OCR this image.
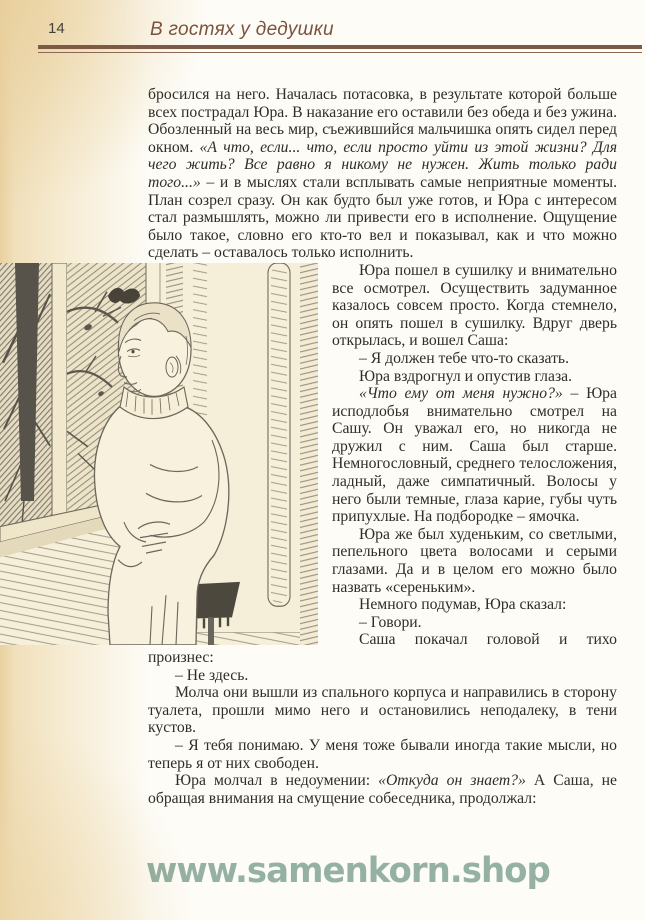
14	В гостях у дедушки

бросился на него. Началась потасовка, в результате которой больше всех пострадал Юра. В наказание его оставили без обеда и без ужина. Обозленный на весь мир, съежившийся мальчишка опять сидел перед окном. «А что, если... что, если просто уйти из этой жизни? Для чего жить? Все равно я никому не нужен. Жить только ради того...» – и в мыслях стали всплывать самые неприятные моменты. План созрел сразу. Он как будто был уже готов, и Юра с интересом стал размышлять, можно ли привести его в исполнение. Ощущение было такое, словно его кто-то вел и показывал, как и что можно сделать – оставалось только исполнить.

Юра пошел в сушилку и внимательно все осмотрел. Осуществить задуманное казалось совсем просто. Когда стемнело, он опять пошел в сушилку. Вдруг дверь открылась, и вошел Саша:

– Я должен тебе что-то сказать.

Юра вздрогнул и опустив глаза.

«Что ему от меня нужно?» – Юра исподлобья внимательно смотрел на Сашу. Он уважал его, но никогда не дружил с ним. Саша был старше. Немногословный, среднего телосложения, ладный, даже симпатичный. Волосы у него были темные, глаза карие, губы чуть припухлые. На подбородке – ямочка.

Юра же был худеньким, со светлыми, пепельного цвета волосами и серыми глазами. Да и в целом его можно было назвать «сереньким».

Немного подумав, Юра сказал:

– Говори.

Саша покачал головой и тихо произнес:

– Не здесь.

Молча они вышли из спального корпуса и направились в сторону туалета, прошли мимо него и остановились неподалеку, в тени кустов.

– Я тебя понимаю. У меня тоже бывали иногда такие мысли, но теперь я от них свободен.

Юра молчал в недоумении: «Откуда он знает?» А Саша, не обращая внимания на смущение собеседника, продолжал:

www.samenkorn.shop
